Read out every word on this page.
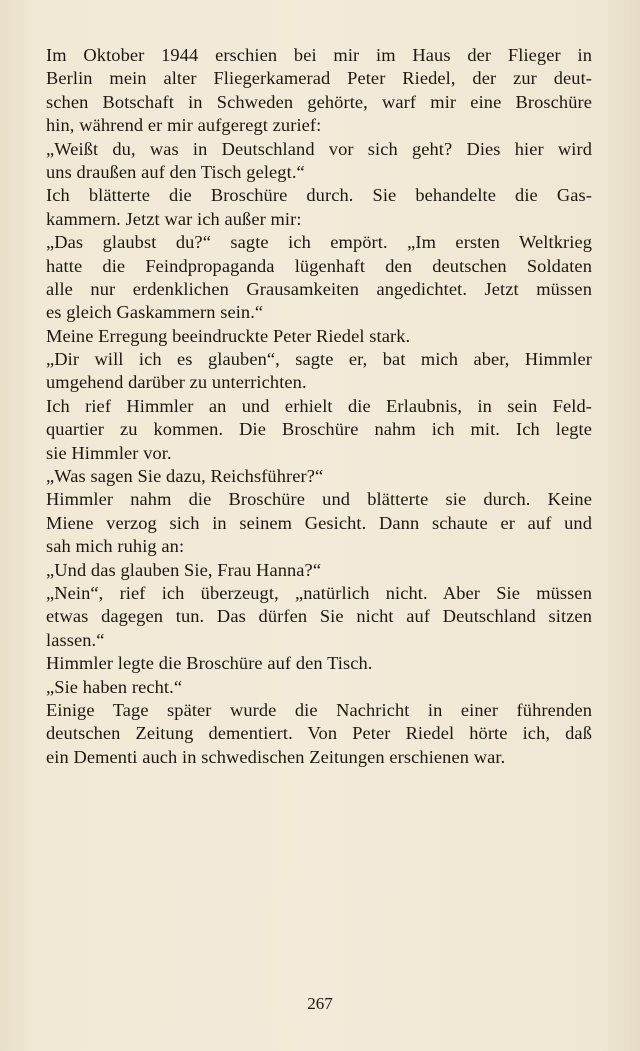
Im Oktober 1944 erschien bei mir im Haus der Flieger in
Berlin mein alter Fliegerkamerad Peter Riedel, der zur deut-
schen Botschaft in Schweden gehörte, warf mir eine Broschüre
hin, während er mir aufgeregt zurief:
„Weißt du, was in Deutschland vor sich geht? Dies hier wird
uns draußen auf den Tisch gelegt.“
Ich blätterte die Broschüre durch. Sie behandelte die Gas-
kammern. Jetzt war ich außer mir:
„Das glaubst du?“ sagte ich empört. „Im ersten Weltkrieg
hatte die Feindpropaganda lügenhaft den deutschen Soldaten
alle nur erdenklichen Grausamkeiten angedichtet. Jetzt müssen
es gleich Gaskammern sein.“
Meine Erregung beeindruckte Peter Riedel stark.
„Dir will ich es glauben“, sagte er, bat mich aber, Himmler
umgehend darüber zu unterrichten.
Ich rief Himmler an und erhielt die Erlaubnis, in sein Feld-
quartier zu kommen. Die Broschüre nahm ich mit. Ich legte
sie Himmler vor.
„Was sagen Sie dazu, Reichsführer?“
Himmler nahm die Broschüre und blätterte sie durch. Keine
Miene verzog sich in seinem Gesicht. Dann schaute er auf und
sah mich ruhig an:
„Und das glauben Sie, Frau Hanna?“
„Nein“, rief ich überzeugt, „natürlich nicht. Aber Sie müssen
etwas dagegen tun. Das dürfen Sie nicht auf Deutschland sitzen
lassen.“
Himmler legte die Broschüre auf den Tisch.
„Sie haben recht.“
Einige Tage später wurde die Nachricht in einer führenden
deutschen Zeitung dementiert. Von Peter Riedel hörte ich, daß
ein Dementi auch in schwedischen Zeitungen erschienen war.
267
